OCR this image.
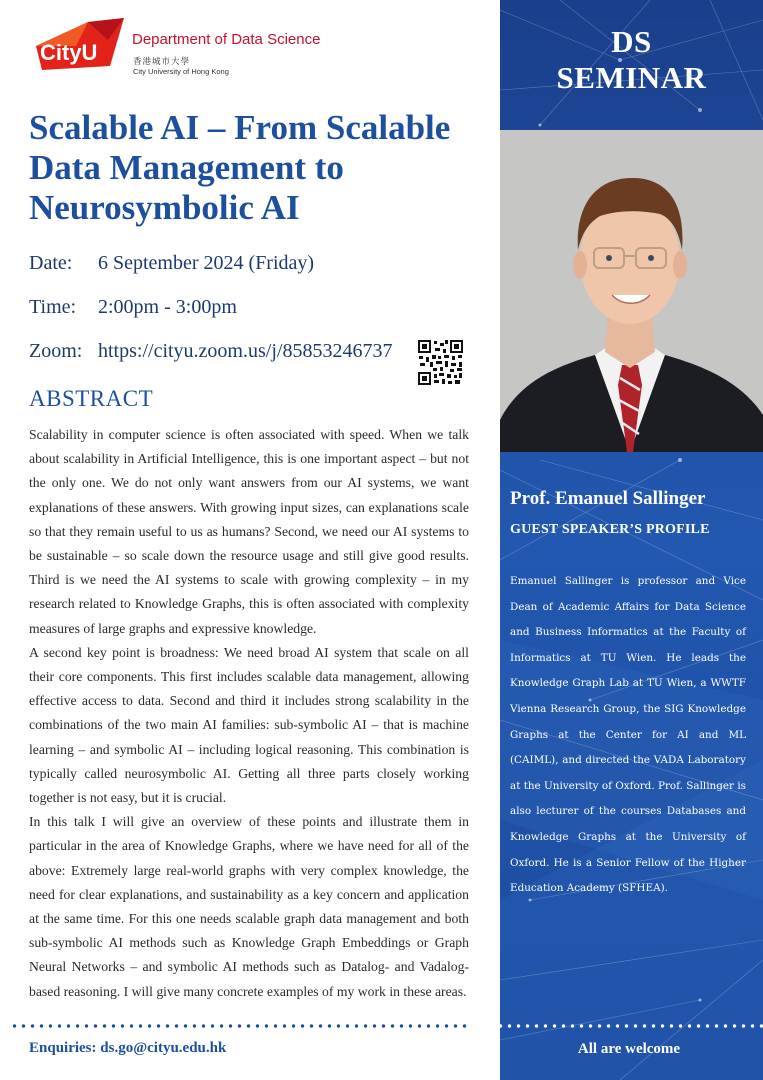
DS
SEMINAR
Prof. Emanuel Sallinger
GUEST SPEAKER’S PROFILE

Emanuel Sallinger is professor and Vice Dean of Academic Affairs for Data Science and Business Informatics at the Faculty of Informatics at TU Wien. He leads the Knowledge Graph Lab at TU Wien, a WWTF Vienna Research Group, the SIG Knowledge Graphs at the Center for AI and ML (CAIML), and directed the VADA Laboratory at the University of Oxford. Prof. Sallinger is also lecturer of the courses Databases and Knowledge Graphs at the University of Oxford. He is a Senior Fellow of the Higher Education Academy (SFHEA).

All are welcome
CityU
Department of Data Science
香港城市大學
City University of Hong Kong
Scalable AI – From Scalable Data Management to Neurosymbolic AI
Date: 6 September 2024 (Friday)
Time: 2:00pm - 3:00pm
Zoom: https://cityu.zoom.us/j/85853246737
ABSTRACT

Scalability in computer science is often associated with speed. When we talk about scalability in Artificial Intelligence, this is one important aspect – but not the only one. We do not only want answers from our AI systems, we want explanations of these answers. With growing input sizes, can explanations scale so that they remain useful to us as humans? Second, we need our AI systems to be sustainable – so scale down the resource usage and still give good results. Third is we need the AI systems to scale with growing complexity – in my research related to Knowledge Graphs, this is often associated with complexity measures of large graphs and expressive knowledge.

A second key point is broadness: We need broad AI system that scale on all their core components. This first includes scalable data management, allowing effective access to data. Second and third it includes strong scalability in the combinations of the two main AI families: sub-symbolic AI – that is machine learning – and symbolic AI – including logical reasoning. This combination is typically called neurosymbolic AI. Getting all three parts closely working together is not easy, but it is crucial.

In this talk I will give an overview of these points and illustrate them in particular in the area of Knowledge Graphs, where we have need for all of the above: Extremely large real-world graphs with very complex knowledge, the need for clear explanations, and sustainability as a key concern and application at the same time. For this one needs scalable graph data management and both sub-symbolic AI methods such as Knowledge Graph Embeddings or Graph Neural Networks – and symbolic AI methods such as Datalog- and Vadalog-based reasoning. I will give many concrete examples of my work in these areas.

Enquiries: ds.go@cityu.edu.hk
